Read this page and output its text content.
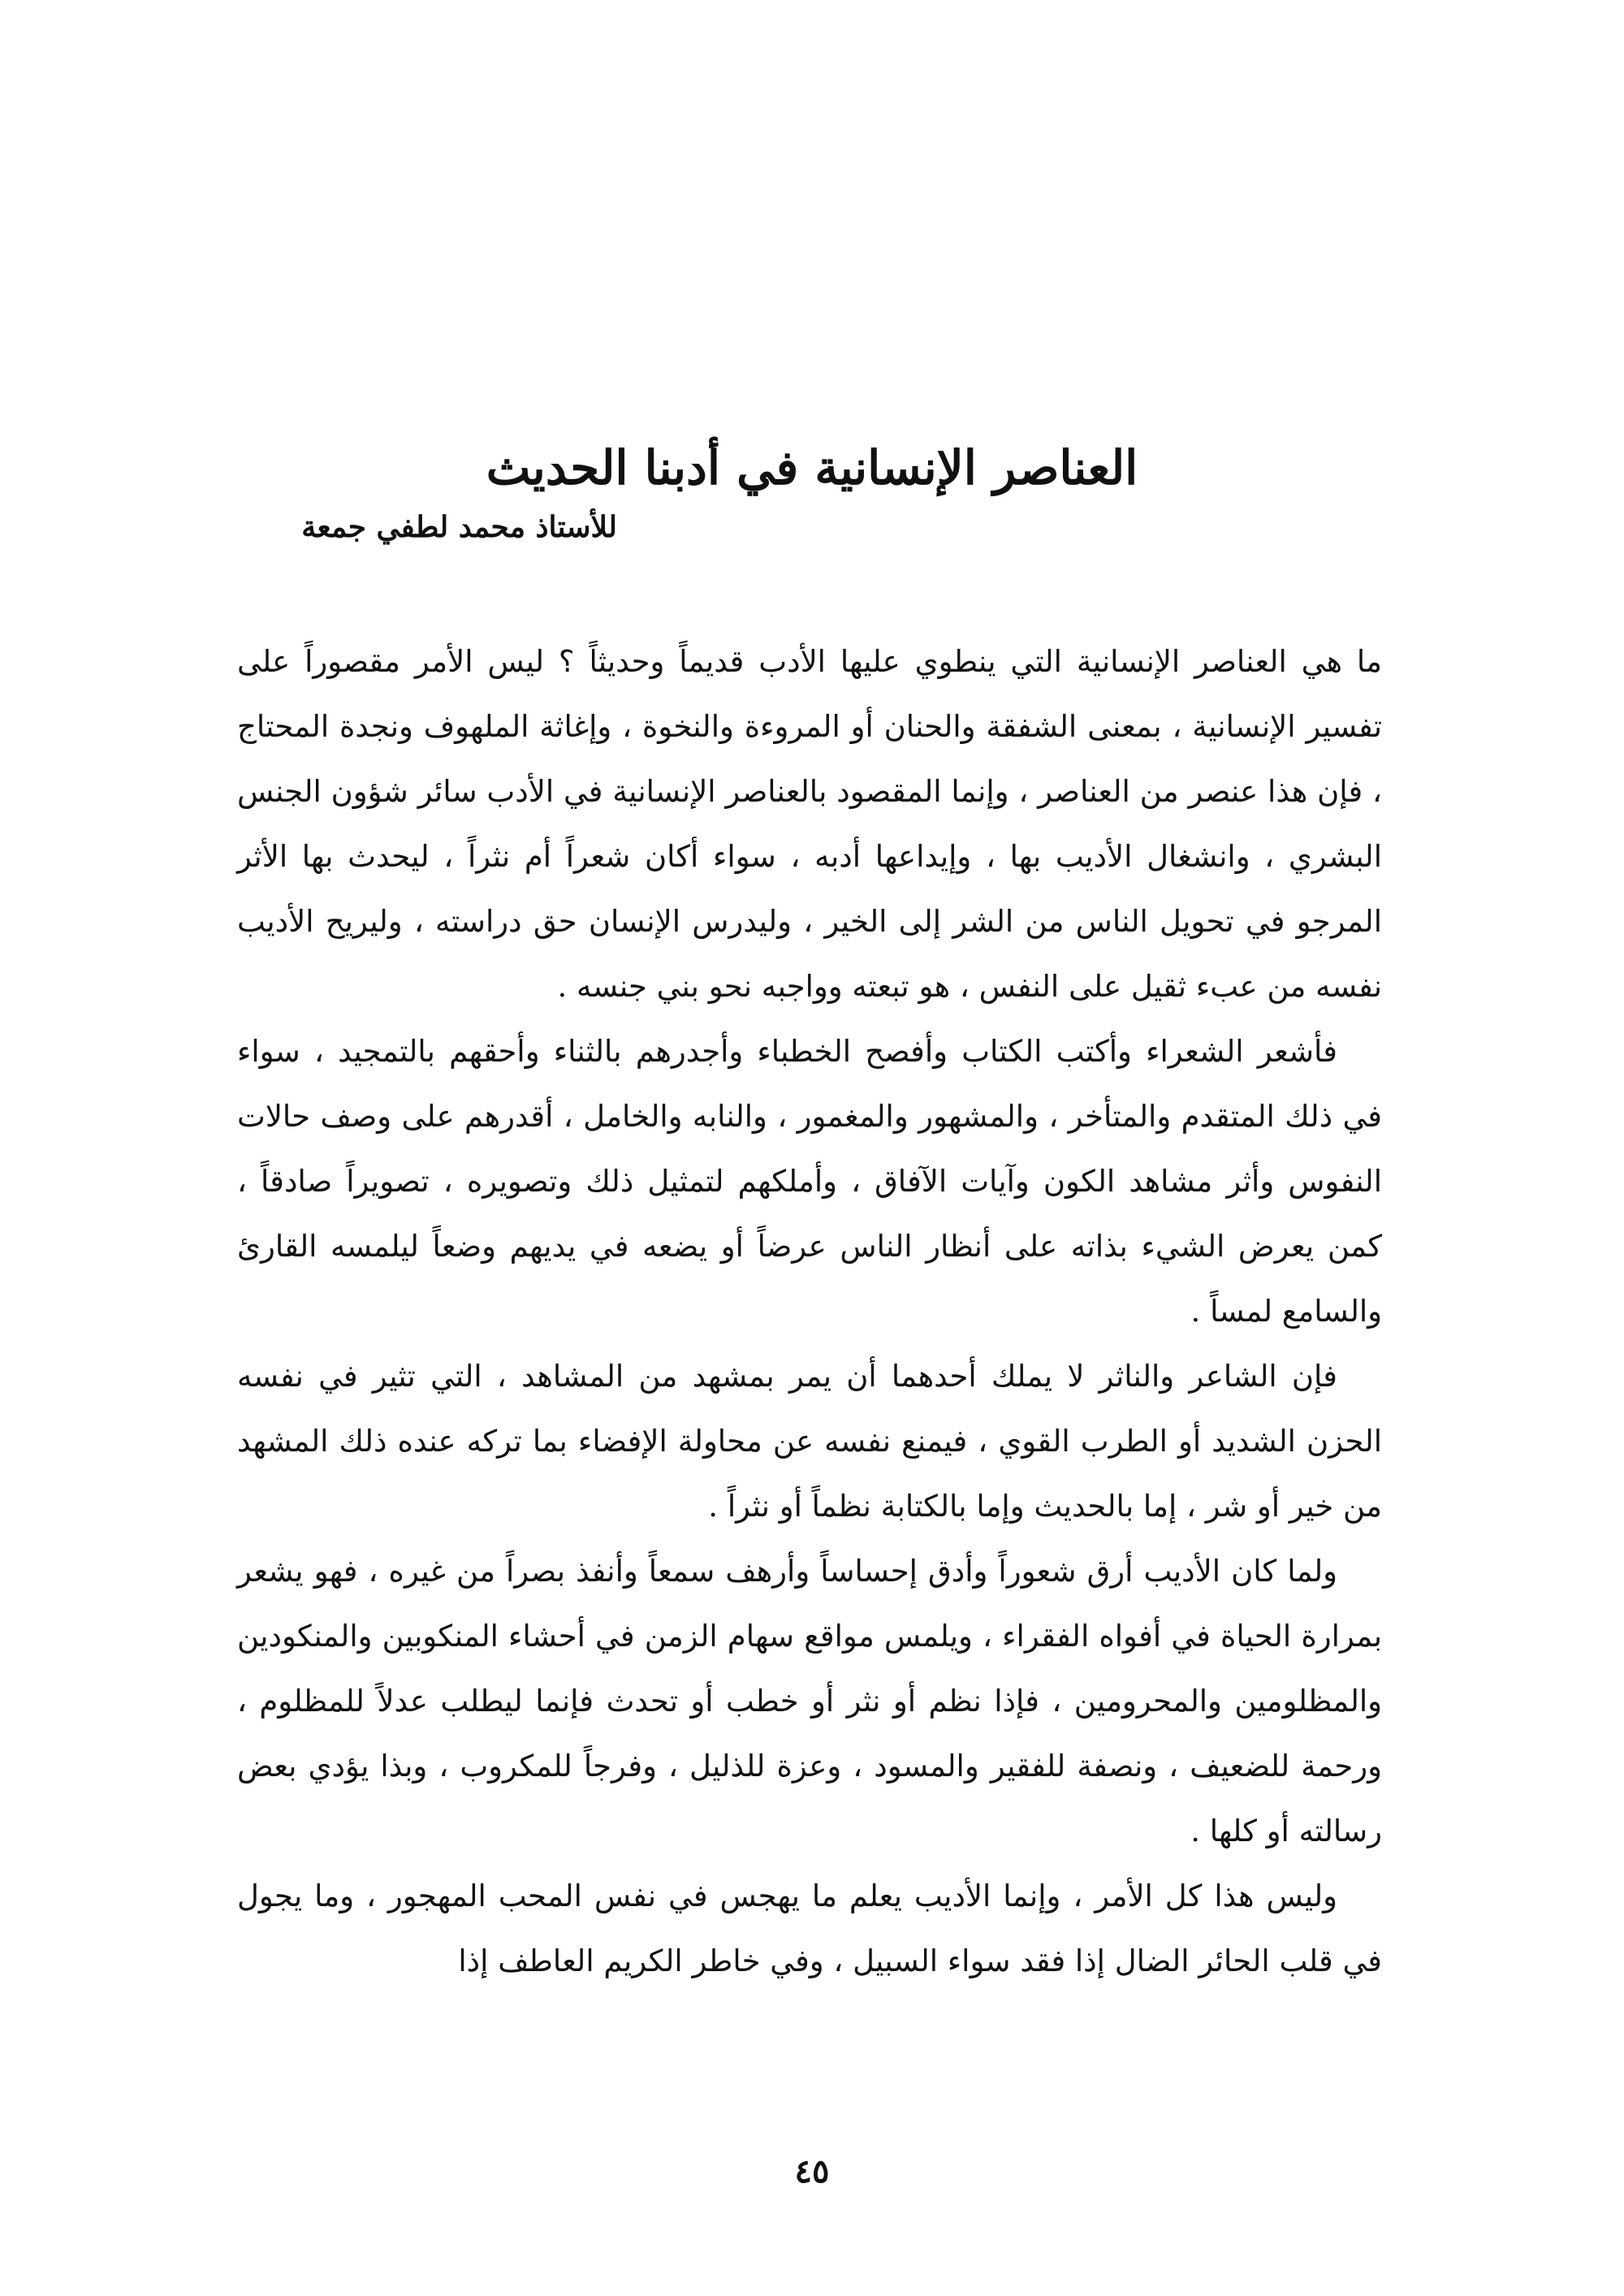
العناصر الإنسانية في أدبنا الحديث
للأستاذ محمد لطفي جمعة

ما هي العناصر الإنسانية التي ينطوي عليها الأدب قديماً وحديثاً ؟ ليس الأمر مقصوراً على تفسير الإنسانية ، بمعنى الشفقة والحنان أو المروءة والنخوة ، وإغاثة الملهوف ونجدة المحتاج ، فإن هذا عنصر من العناصر ، وإنما المقصود بالعناصر الإنسانية في الأدب سائر شؤون الجنس البشري ، وانشغال الأديب بها ، وإيداعها أدبه ، سواء أكان شعراً أم نثراً ، ليحدث بها الأثر المرجو في تحويل الناس من الشر إلى الخير ، وليدرس الإنسان حق دراسته ، وليريح الأديب نفسه من عبء ثقيل على النفس ، هو تبعته وواجبه نحو بني جنسه .

فأشعر الشعراء وأكتب الكتاب وأفصح الخطباء وأجدرهم بالثناء وأحقهم بالتمجيد ، سواء في ذلك المتقدم والمتأخر ، والمشهور والمغمور ، والنابه والخامل ، أقدرهم على وصف حالات النفوس وأثر مشاهد الكون وآيات الآفاق ، وأملكهم لتمثيل ذلك وتصويره ، تصويراً صادقاً ، كمن يعرض الشيء بذاته على أنظار الناس عرضاً أو يضعه في يديهم وضعاً ليلمسه القارئ والسامع لمساً .

فإن الشاعر والناثر لا يملك أحدهما أن يمر بمشهد من المشاهد ، التي تثير في نفسه الحزن الشديد أو الطرب القوي ، فيمنع نفسه عن محاولة الإفضاء بما تركه عنده ذلك المشهد من خير أو شر ، إما بالحديث وإما بالكتابة نظماً أو نثراً .

ولما كان الأديب أرق شعوراً وأدق إحساساً وأرهف سمعاً وأنفذ بصراً من غيره ، فهو يشعر بمرارة الحياة في أفواه الفقراء ، ويلمس مواقع سهام الزمن في أحشاء المنكوبين والمنكودين والمظلومين والمحرومين ، فإذا نظم أو نثر أو خطب أو تحدث فإنما ليطلب عدلاً للمظلوم ، ورحمة للضعيف ، ونصفة للفقير والمسود ، وعزة للذليل ، وفرجاً للمكروب ، وبذا يؤدي بعض رسالته أو كلها .

وليس هذا كل الأمر ، وإنما الأديب يعلم ما يهجس في نفس المحب المهجور ، وما يجول في قلب الحائر الضال إذا فقد سواء السبيل ، وفي خاطر الكريم العاطف إذا

٤٥
